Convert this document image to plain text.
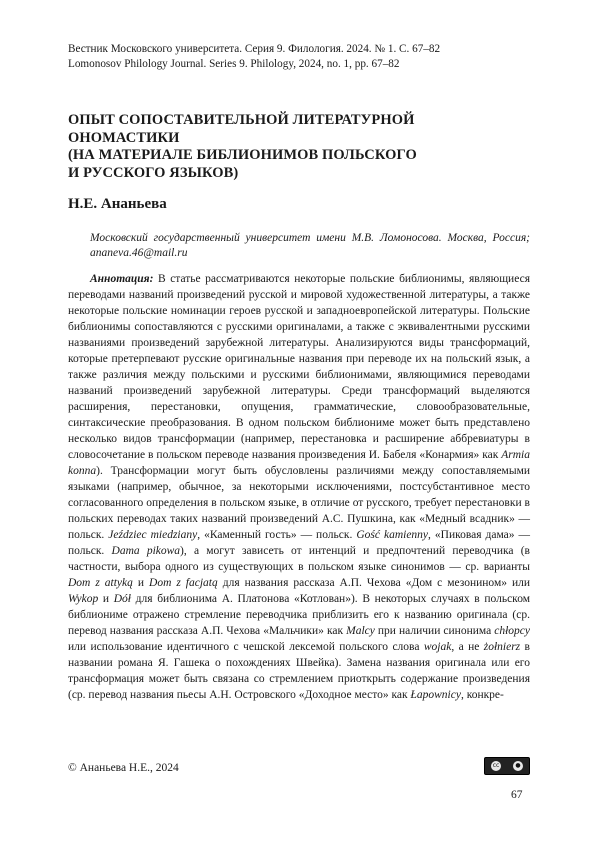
Вестник Московского университета. Серия 9. Филология. 2024. № 1. С. 67–82
Lomonosov Philology Journal. Series 9. Philology, 2024, no. 1, pp. 67–82
ОПЫТ СОПОСТАВИТЕЛЬНОЙ ЛИТЕРАТУРНОЙ
ОНОМАСТИКИ
(НА МАТЕРИАЛЕ БИБЛИОНИМОВ ПОЛЬСКОГО
И РУССКОГО ЯЗЫКОВ)
Н.Е. Ананьева
Московский государственный университет имени М.В. Ломоносова. Москва, Россия; ananeva.46@mail.ru
Аннотация: В статье рассматриваются некоторые польские библионимы, являющиеся переводами названий произведений русской и мировой художественной литературы, а также некоторые польские номинации героев русской и западноевропейской литературы. Польские библионимы сопоставляются с русскими оригиналами, а также с эквивалентными русскими названиями произведений зарубежной литературы. Анализируются виды трансформаций, которые претерпевают русские оригинальные названия при переводе их на польский язык, а также различия между польскими и русскими библионимами, являющимися переводами названий произведений зарубежной литературы. Среди трансформаций выделяются расширения, перестановки, опущения, грамматические, словообразовательные, синтаксические преобразования. В одном польском библиониме может быть представлено несколько видов трансформации (например, перестановка и расширение аббревиатуры в словосочетание в польском переводе названия произведения И. Бабеля «Конармия» как Armia konna). Трансформации могут быть обусловлены различиями между сопоставляемыми языками (например, обычное, за некоторыми исключениями, постсубстантивное место согласованного определения в польском языке, в отличие от русского, требует перестановки в польских переводах таких названий произведений А.С. Пушкина, как «Медный всадник» — польск. Jeździec miedziany, «Каменный гость» — польск. Gość kamienny, «Пиковая дама» — польск. Dama pikowa), а могут зависеть от интенций и предпочтений переводчика (в частности, выбора одного из существующих в польском языке синонимов — ср. варианты Dom z attyką и Dom z facjatą для названия рассказа А.П. Чехова «Дом с мезонином» или Wykop и Dół для библионима А. Платонова «Котлован»). В некоторых случаях в польском библиониме отражено стремление переводчика приблизить его к названию оригинала (ср. перевод названия рассказа А.П. Чехова «Мальчики» как Malcy при наличии синонима chłopcy или использование идентичного с чешской лексемой польского слова wojak, а не żołnierz в названии романа Я. Гашека о похождениях Швейка). Замена названия оригинала или его трансформация может быть связана со стремлением приоткрыть содержание произведения (ср. перевод названия пьесы А.Н. Островского «Доходное место» как Łapownicy, конкре-
© Ананьева Н.Е., 2024	cc	●
67
